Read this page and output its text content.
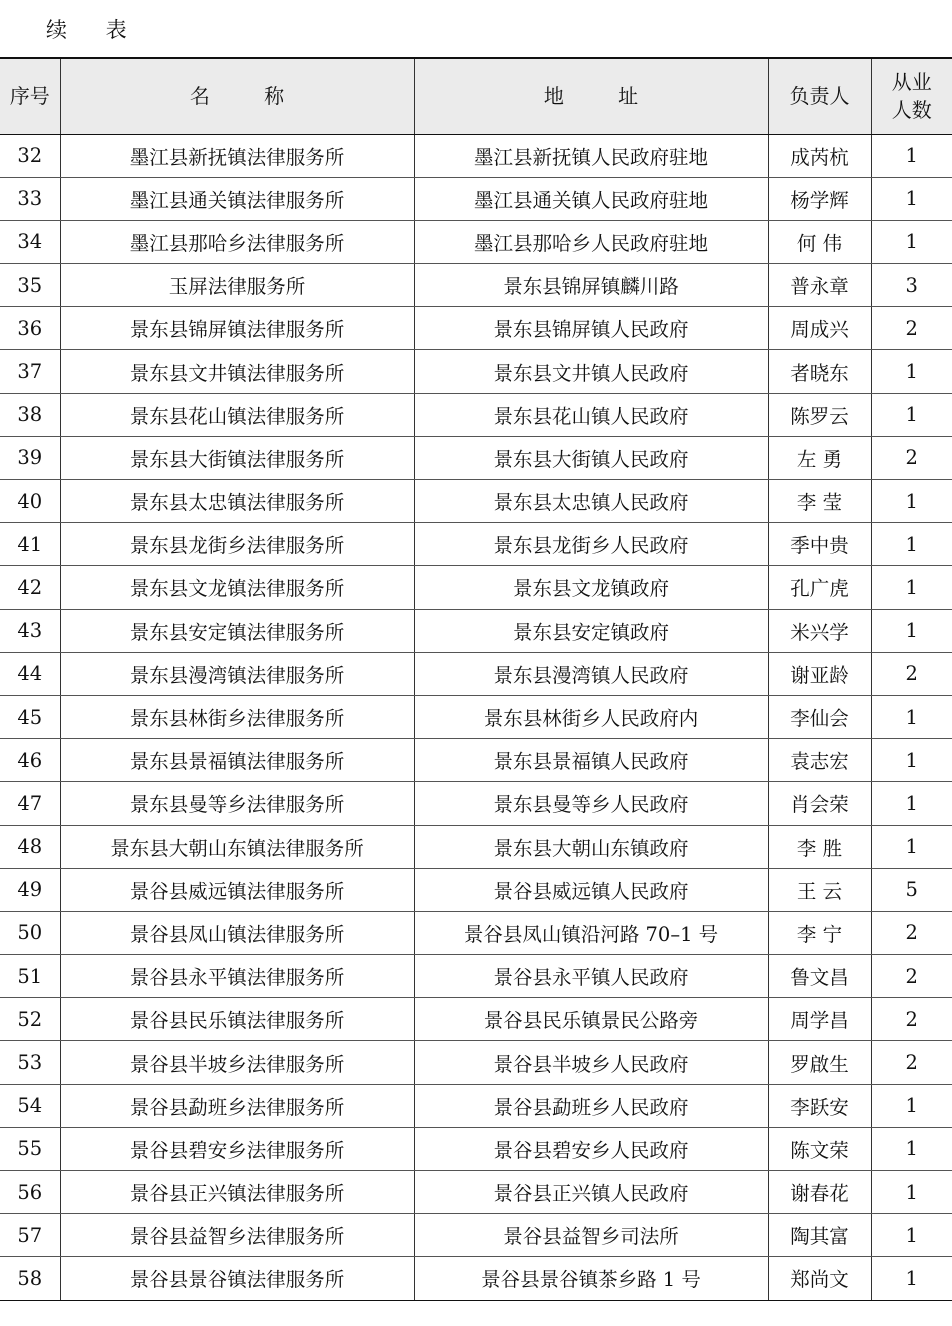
续 表
序号	名 称	地 址	负责人	从业
人数

32	墨江县新抚镇法律服务所	墨江县新抚镇人民政府驻地	成芮杭	1
33	墨江县通关镇法律服务所	墨江县通关镇人民政府驻地	杨学辉	1
34	墨江县那哈乡法律服务所	墨江县那哈乡人民政府驻地	何 伟	1
35	玉屏法律服务所	景东县锦屏镇麟川路	普永章	3
36	景东县锦屏镇法律服务所	景东县锦屏镇人民政府	周成兴	2
37	景东县文井镇法律服务所	景东县文井镇人民政府	者晓东	1
38	景东县花山镇法律服务所	景东县花山镇人民政府	陈罗云	1
39	景东县大街镇法律服务所	景东县大街镇人民政府	左 勇	2
40	景东县太忠镇法律服务所	景东县太忠镇人民政府	李 莹	1
41	景东县龙街乡法律服务所	景东县龙街乡人民政府	季中贵	1
42	景东县文龙镇法律服务所	景东县文龙镇政府	孔广虎	1
43	景东县安定镇法律服务所	景东县安定镇政府	米兴学	1
44	景东县漫湾镇法律服务所	景东县漫湾镇人民政府	谢亚龄	2
45	景东县林街乡法律服务所	景东县林街乡人民政府内	李仙会	1
46	景东县景福镇法律服务所	景东县景福镇人民政府	袁志宏	1
47	景东县曼等乡法律服务所	景东县曼等乡人民政府	肖会荣	1
48	景东县大朝山东镇法律服务所	景东县大朝山东镇政府	李 胜	1
49	景谷县威远镇法律服务所	景谷县威远镇人民政府	王 云	5
50	景谷县凤山镇法律服务所	景谷县凤山镇沿河路 70–1 号	李 宁	2
51	景谷县永平镇法律服务所	景谷县永平镇人民政府	鲁文昌	2
52	景谷县民乐镇法律服务所	景谷县民乐镇景民公路旁	周学昌	2
53	景谷县半坡乡法律服务所	景谷县半坡乡人民政府	罗啟生	2
54	景谷县勐班乡法律服务所	景谷县勐班乡人民政府	李跃安	1
55	景谷县碧安乡法律服务所	景谷县碧安乡人民政府	陈文荣	1
56	景谷县正兴镇法律服务所	景谷县正兴镇人民政府	谢春花	1
57	景谷县益智乡法律服务所	景谷县益智乡司法所	陶其富	1
58	景谷县景谷镇法律服务所	景谷县景谷镇茶乡路 1 号	郑尚文	1
